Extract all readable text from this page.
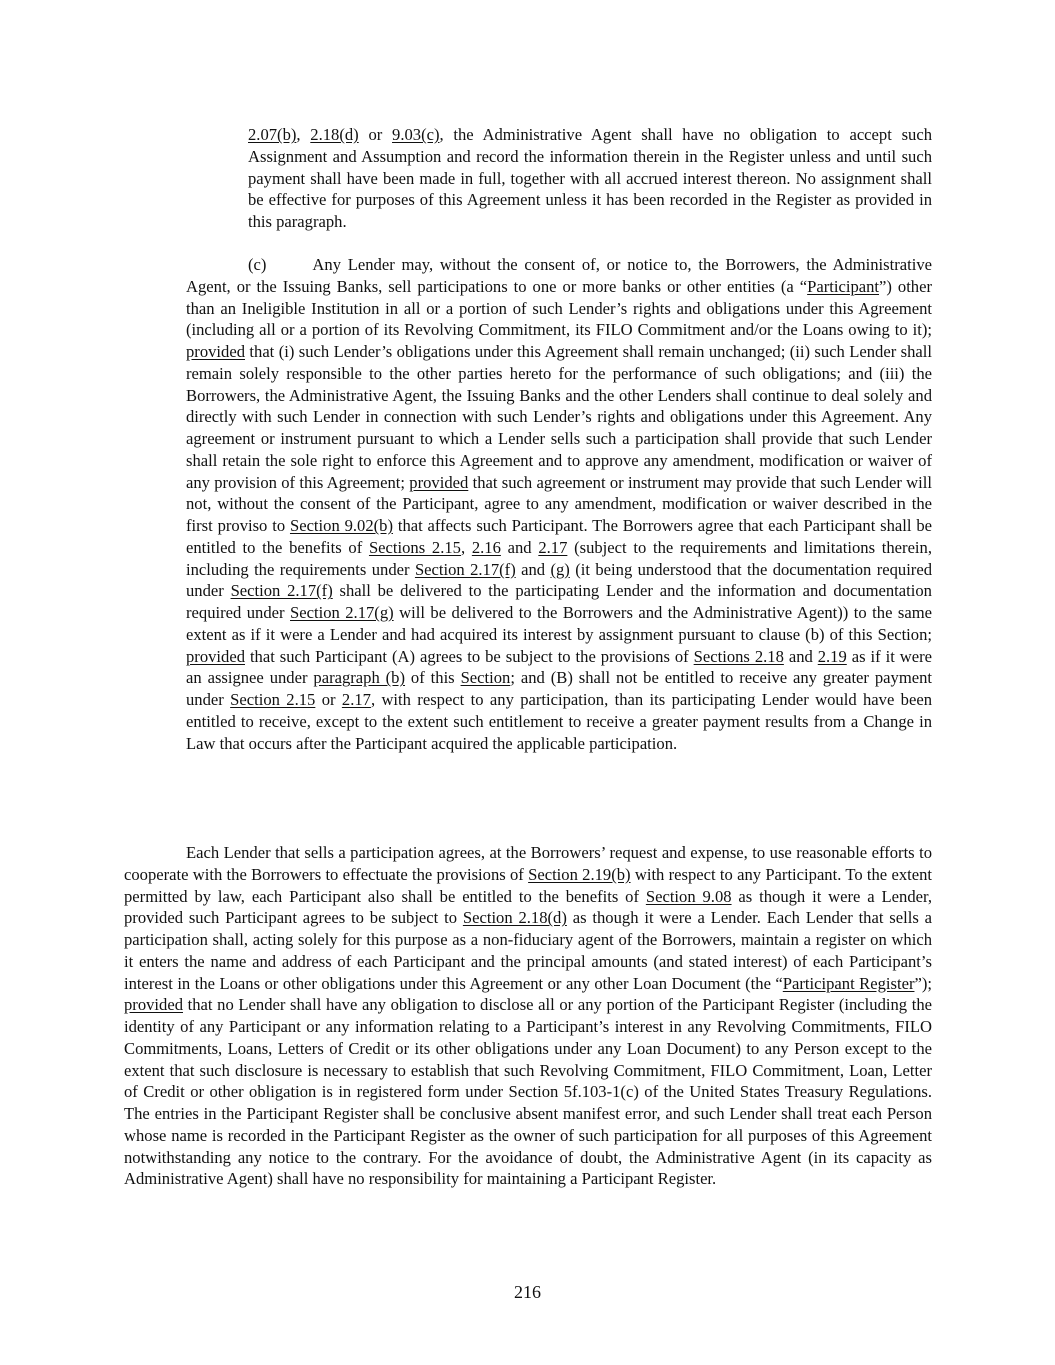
2.07(b), 2.18(d) or 9.03(c), the Administrative Agent shall have no obligation to accept such Assignment and Assumption and record the information therein in the Register unless and until such payment shall have been made in full, together with all accrued interest thereon. No assignment shall be effective for purposes of this Agreement unless it has been recorded in the Register as provided in this paragraph.

(c)	Any Lender may, without the consent of, or notice to, the Borrowers, the Administrative Agent, or the Issuing Banks, sell participations to one or more banks or other entities (a “Participant”) other than an Ineligible Institution in all or a portion of such Lender’s rights and obligations under this Agreement (including all or a portion of its Revolving Commitment, its FILO Commitment and/or the Loans owing to it); provided that (i) such Lender’s obligations under this Agreement shall remain unchanged; (ii) such Lender shall remain solely responsible to the other parties hereto for the performance of such obligations; and (iii) the Borrowers, the Administrative Agent, the Issuing Banks and the other Lenders shall continue to deal solely and directly with such Lender in connection with such Lender’s rights and obligations under this Agreement. Any agreement or instrument pursuant to which a Lender sells such a participation shall provide that such Lender shall retain the sole right to enforce this Agreement and to approve any amendment, modification or waiver of any provision of this Agreement; provided that such agreement or instrument may provide that such Lender will not, without the consent of the Participant, agree to any amendment, modification or waiver described in the first proviso to Section 9.02(b) that affects such Participant. The Borrowers agree that each Participant shall be entitled to the benefits of Sections 2.15, 2.16 and 2.17 (subject to the requirements and limitations therein, including the requirements under Section 2.17(f) and (g) (it being understood that the documentation required under Section 2.17(f) shall be delivered to the participating Lender and the information and documentation required under Section 2.17(g) will be delivered to the Borrowers and the Administrative Agent)) to the same extent as if it were a Lender and had acquired its interest by assignment pursuant to clause (b) of this Section; provided that such Participant (A) agrees to be subject to the provisions of Sections 2.18 and 2.19 as if it were an assignee under paragraph (b) of this Section; and (B) shall not be entitled to receive any greater payment under Section 2.15 or 2.17, with respect to any participation, than its participating Lender would have been entitled to receive, except to the extent such entitlement to receive a greater payment results from a Change in Law that occurs after the Participant acquired the applicable participation.

Each Lender that sells a participation agrees, at the Borrowers’ request and expense, to use reasonable efforts to cooperate with the Borrowers to effectuate the provisions of Section 2.19(b) with respect to any Participant. To the extent permitted by law, each Participant also shall be entitled to the benefits of Section 9.08 as though it were a Lender, provided such Participant agrees to be subject to Section 2.18(d) as though it were a Lender. Each Lender that sells a participation shall, acting solely for this purpose as a non-fiduciary agent of the Borrowers, maintain a register on which it enters the name and address of each Participant and the principal amounts (and stated interest) of each Participant’s interest in the Loans or other obligations under this Agreement or any other Loan Document (the “Participant Register”); provided that no Lender shall have any obligation to disclose all or any portion of the Participant Register (including the identity of any Participant or any information relating to a Participant’s interest in any Revolving Commitments, FILO Commitments, Loans, Letters of Credit or its other obligations under any Loan Document) to any Person except to the extent that such disclosure is necessary to establish that such Revolving Commitment, FILO Commitment, Loan, Letter of Credit or other obligation is in registered form under Section 5f.103-1(c) of the United States Treasury Regulations. The entries in the Participant Register shall be conclusive absent manifest error, and such Lender shall treat each Person whose name is recorded in the Participant Register as the owner of such participation for all purposes of this Agreement notwithstanding any notice to the contrary. For the avoidance of doubt, the Administrative Agent (in its capacity as Administrative Agent) shall have no responsibility for maintaining a Participant Register.

216
